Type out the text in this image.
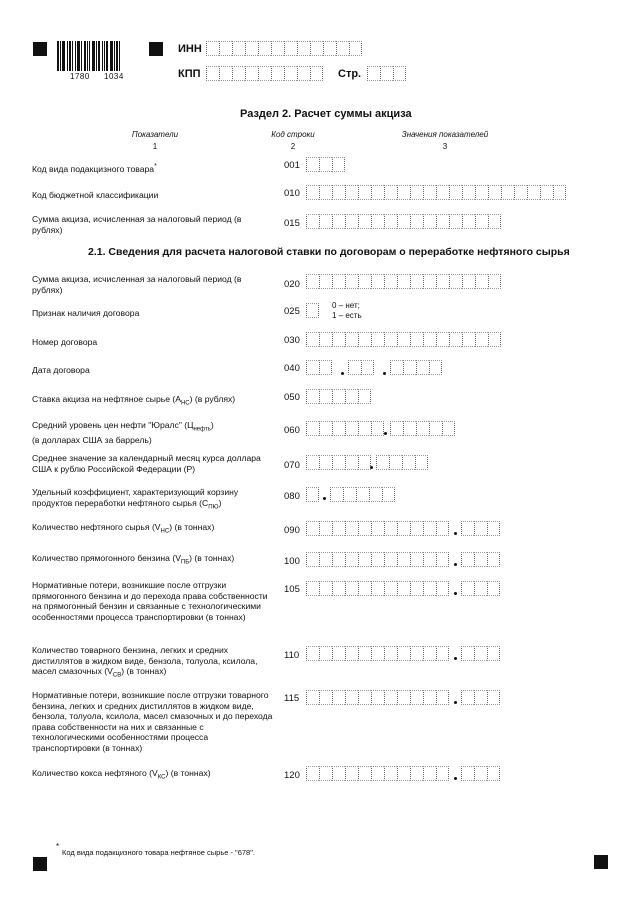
1780 1034
ИНН
КПП	Стр.
Раздел 2. Расчет суммы акциза
Показатели	Код строки	Значения показателей
1	2	3
Код вида подакцизного товара*	001
Код бюджетной классификации	010
Сумма акциза, исчисленная за налоговый период (в рублях)
015
2.1. Сведения для расчета налоговой ставки по договорам о переработке нефтяного сырья
Сумма акциза, исчисленная за налоговый период (в рублях)	020
Признак наличия договора	025
0 – нет;
1 – есть
Номер договора	030
Дата договора	040
Ставка акциза на нефтяное сырье $(А_{НС})$ (в рублях)	050
Средний уровень цен нефти "Юралс" $(Ц_{нефть})$
(в долларах США за баррель)
060
Среднее значение за календарный месяц курса доллара США к рублю Российской Федерации (Р)	070
Удельный коэффициент, характеризующий корзину продуктов переработки нефтяного сырья $(С_{ПЮ})$
080
Количество нефтяного сырья $(V_{НС})$ (в тоннах)	090
Количество прямогонного бензина $(V_{ПБ})$ (в тоннах)	100
Нормативные потери, возникшие после отгрузки прямогонного бензина и до перехода права собственности на прямогонный бензин и связанные с технологическими особенностями процесса транспортировки (в тоннах)
105
Количество товарного бензина, легких и средних дистиллятов в жидком виде, бензола, толуола, ксилола, масел смазочных $(V_{СВ})$ (в тоннах)
110
Нормативные потери, возникшие после отгрузки товарного бензина, легких и средних дистиллятов в жидком виде, бензола, толуола, ксилола, масел смазочных и до перехода права собственности на них и связанные с технологическими особенностями процесса транспортировки (в тоннах)
115
Количество кокса нефтяного $(V_{КС})$ (в тоннах)	120
*
Код вида подакцизного товара нефтяное сырье - "678".
